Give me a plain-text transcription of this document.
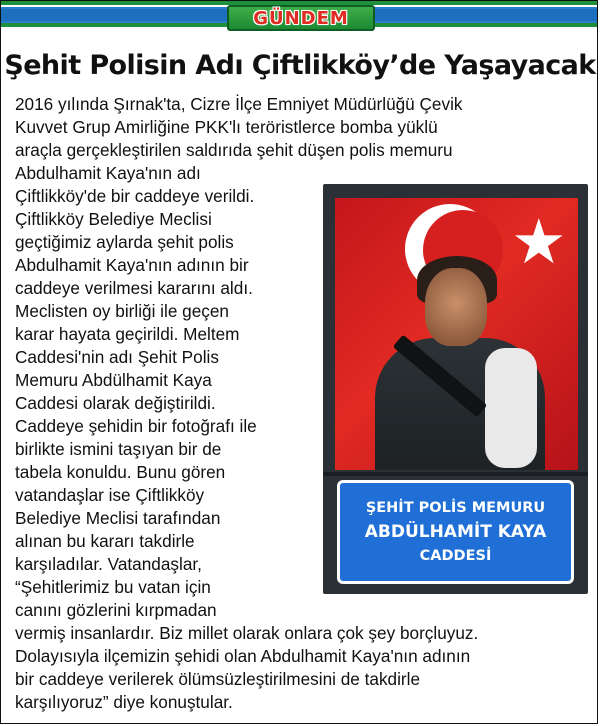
GÜNDEM
Şehit Polisin Adı Çiftlikköy’de Yaşayacak
2016 yılında Şırnak'ta, Cizre İlçe Emniyet Müdürlüğü Çevik
Kuvvet Grup Amirliğine PKK'lı teröristlerce bomba yüklü
araçla gerçekleştirilen saldırıda şehit düşen polis memuru
Abdulhamit Kaya'nın adı
Çiftlikköy'de bir caddeye verildi.
Çiftlikköy Belediye Meclisi
geçtiğimiz aylarda şehit polis
Abdulhamit Kaya'nın adının bir
caddeye verilmesi kararını aldı.
Meclisten oy birliği ile geçen
karar hayata geçirildi. Meltem
Caddesi'nin adı Şehit Polis
Memuru Abdülhamit Kaya
Caddesi olarak değiştirildi.
Caddeye şehidin bir fotoğrafı ile
birlikte ismini taşıyan bir de
tabela konuldu. Bunu gören
vatandaşlar ise Çiftlikköy
Belediye Meclisi tarafından
alınan bu kararı takdirle
karşıladılar. Vatandaşlar,
“Şehitlerimiz bu vatan için
canını gözlerini kırpmadan
vermiş insanlardır. Biz millet olarak onlara çok şey borçluyuz.
Dolayısıyla ilçemizin şehidi olan Abdulhamit Kaya'nın adının
bir caddeye verilerek ölümsüzleştirilmesini de takdirle
karşılıyoruz” diye konuştular.
★
ŞEHİT POLİS MEMURU
ABDÜLHAMİT KAYA
CADDESİ
